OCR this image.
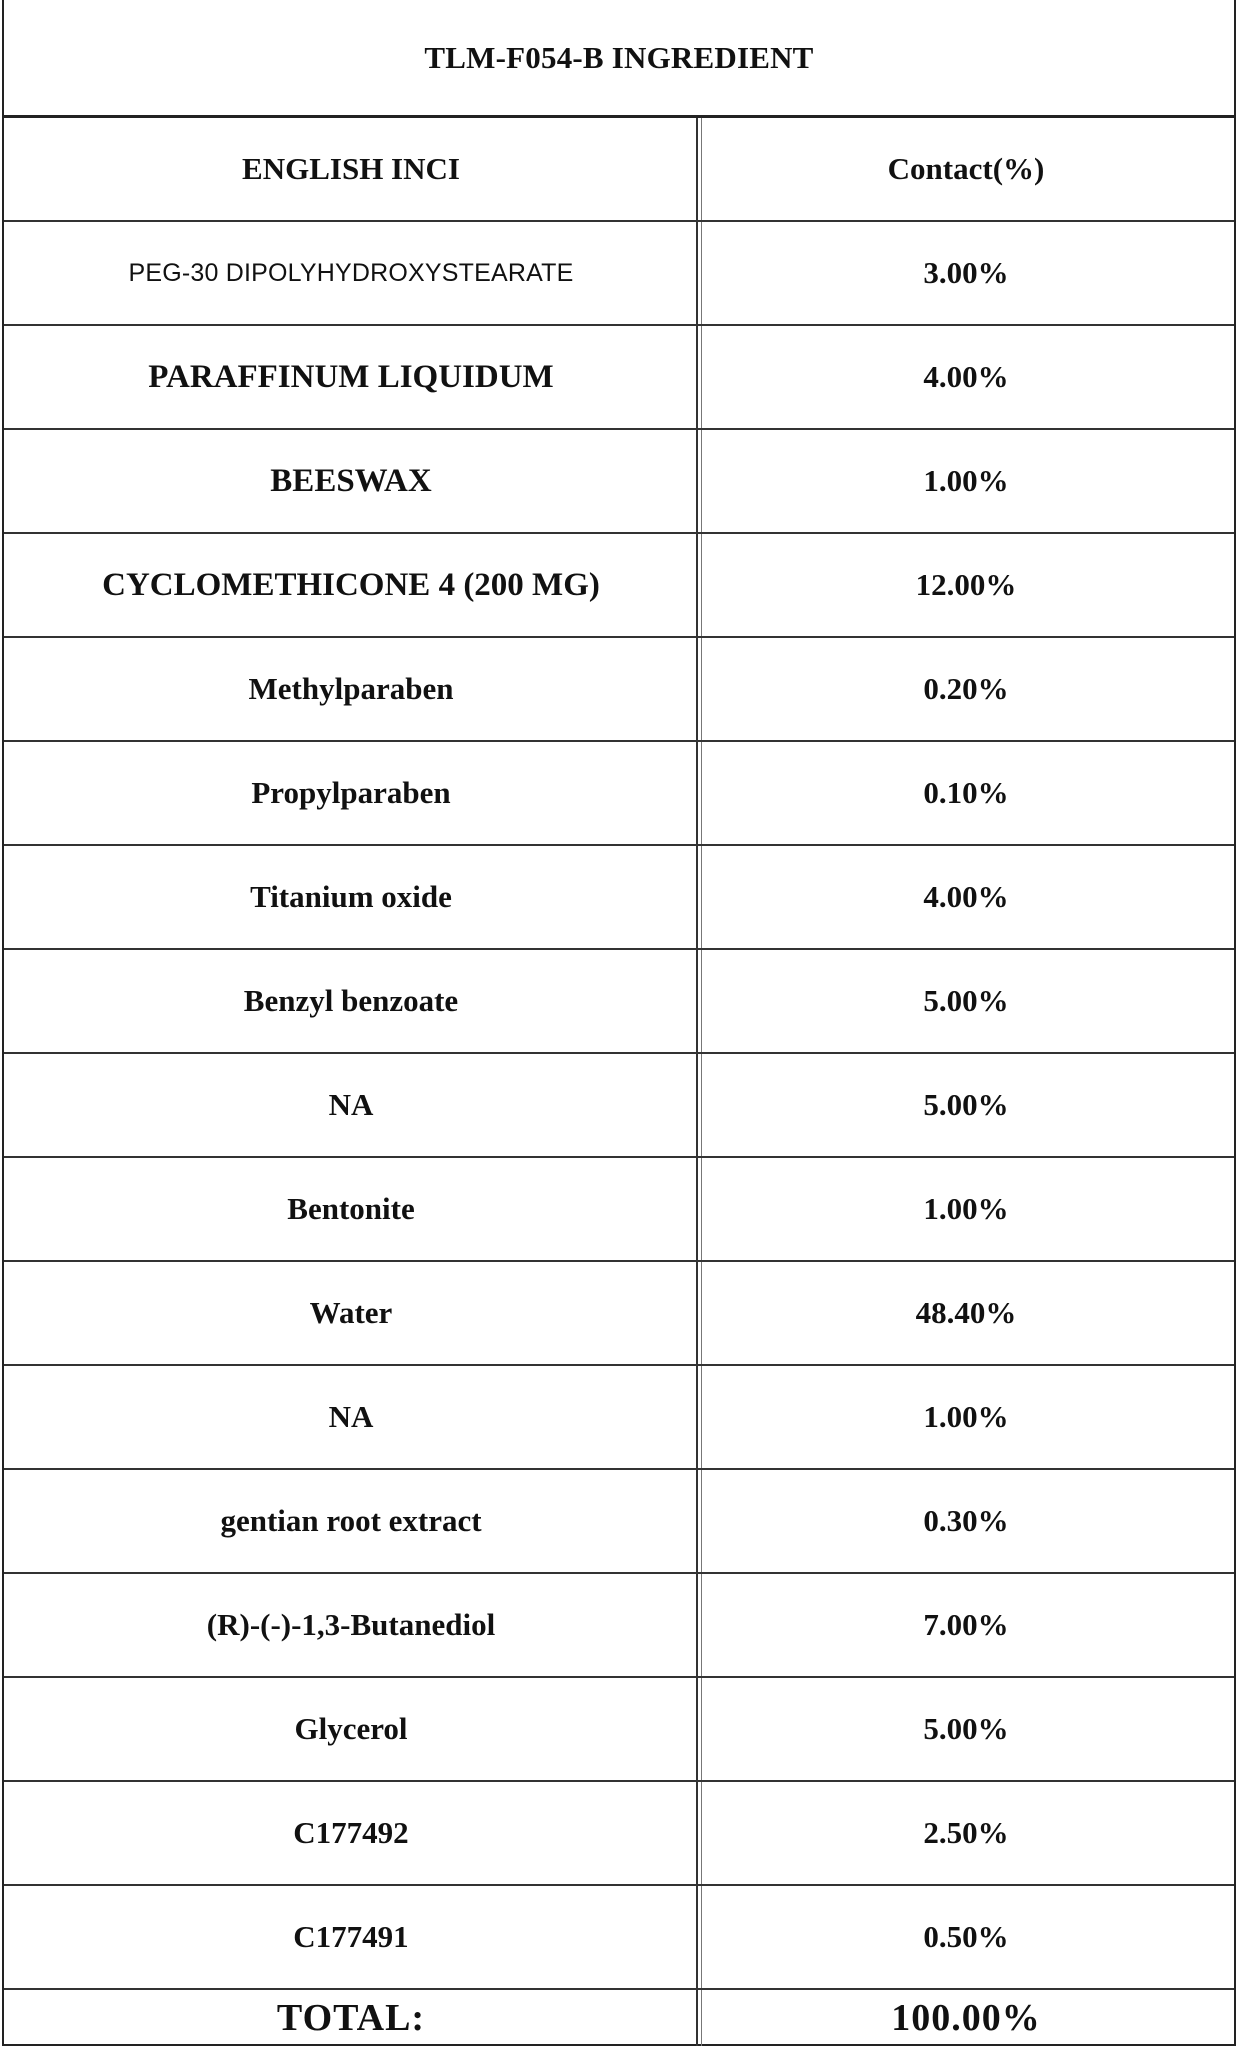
TLM-F054-B INGREDIENT
ENGLISH INCI	Contact(%)
PEG-30 DIPOLYHYDROXYSTEARATE	3.00%
PARAFFINUM LIQUIDUM	4.00%
BEESWAX	1.00%
CYCLOMETHICONE 4 (200 MG)	12.00%
Methylparaben	0.20%
Propylparaben	0.10%
Titanium oxide	4.00%
Benzyl benzoate	5.00%
NA	5.00%
Bentonite	1.00%
Water	48.40%
NA	1.00%
gentian root extract	0.30%
(R)-(-)-1,3-Butanediol	7.00%
Glycerol	5.00%
C177492	2.50%
C177491	0.50%
TOTAL:	100.00%
